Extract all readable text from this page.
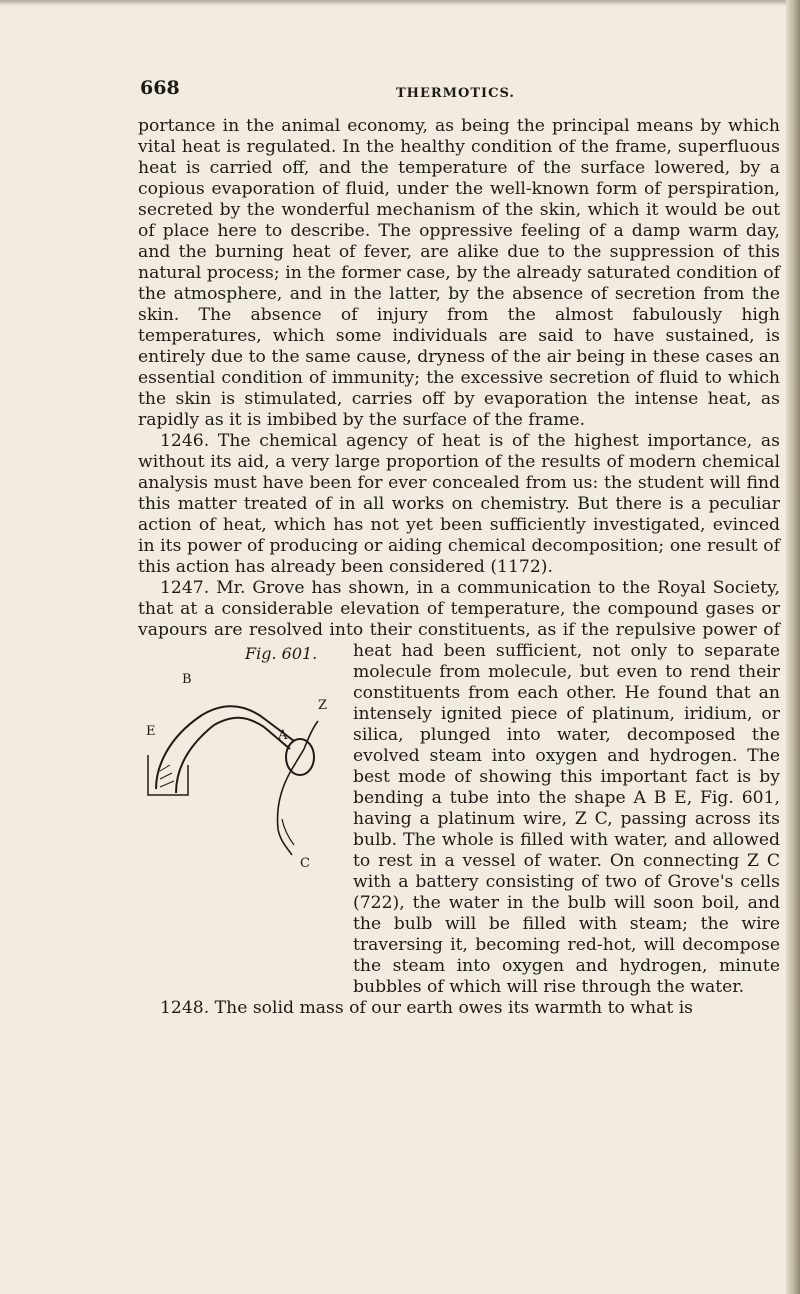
668	THERMOTICS.

portance in the animal economy, as being the principal means by which vital heat is regulated. In the healthy condition of the frame, superfluous heat is carried off, and the temperature of the surface lowered, by a copious evaporation of fluid, under the well-known form of perspiration, secreted by the wonderful mechanism of the skin, which it would be out of place here to describe. The oppressive feeling of a damp warm day, and the burning heat of fever, are alike due to the suppression of this natural process; in the former case, by the already saturated condition of the atmosphere, and in the latter, by the absence of secretion from the skin. The absence of injury from the almost fabulously high temperatures, which some individuals are said to have sustained, is entirely due to the same cause, dryness of the air being in these cases an essential condition of immunity; the excessive secretion of fluid to which the skin is stimulated, carries off by evaporation the intense heat, as rapidly as it is imbibed by the surface of the frame.

1246. The chemical agency of heat is of the highest importance, as without its aid, a very large proportion of the results of modern chemical analysis must have been for ever concealed from us: the student will find this matter treated of in all works on chemistry. But there is a peculiar action of heat, which has not yet been sufficiently investigated, evinced in its power of producing or aiding chemical decomposition; one result of this action has already been considered (1172).

Fig. 601.
B
Z
E	A
C
1247. Mr. Grove has shown, in a communication to the Royal Society, that at a considerable elevation of temperature, the compound gases or vapours are resolved into their constituents, as if the repulsive power of heat had been sufficient, not only to separate molecule from molecule, but even to rend their constituents from each other. He found that an intensely ignited piece of platinum, iridium, or silica, plunged into water, decomposed the evolved steam into oxygen and hydrogen. The best mode of showing this important fact is by bending a tube into the shape A B E, Fig. 601, having a platinum wire, Z C, passing across its bulb. The whole is filled with water, and allowed to rest in a vessel of water. On connecting Z C with a battery consisting of two of Grove's cells (722), the water in the bulb will soon boil, and the bulb will be filled with steam; the wire traversing it, becoming red-hot, will decompose the steam into oxygen and hydrogen, minute bubbles of which will rise through the water.

1248. The solid mass of our earth owes its warmth to what is
